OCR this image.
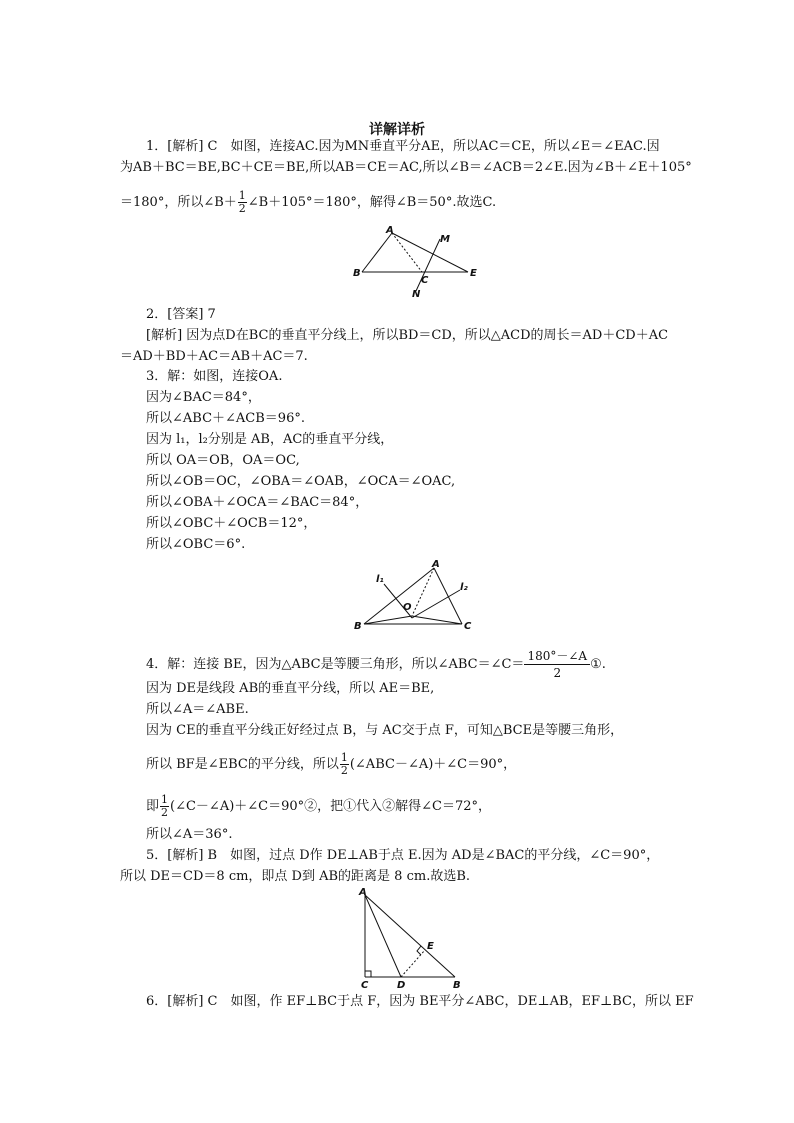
详解详析
1．[解析] C　如图，连接AC.因为MN垂直平分AE，所以AC＝CE，所以∠E＝∠EAC.因
为AB＋BC＝BE,BC＋CE＝BE,所以AB＝CE＝AC,所以∠B＝∠ACB＝2∠E.因为∠B＋∠E＋105°
＝180°，所以∠B＋ $\frac{1}{2}$ ∠B＋105°＝180°，解得∠B＝50°.故选C.
A
M
B
C
E
N
2．[答案] 7
[解析] 因为点D在BC的垂直平分线上，所以BD＝CD，所以△ACD的周长＝AD＋CD＋AC
＝AD＋BD＋AC＝AB＋AC＝7.
3．解：如图，连接OA.
因为∠BAC＝84°，
所以∠ABC＋∠ACB＝96°.
因为 l₁，l₂分别是 AB，AC的垂直平分线，
所以 OA＝OB，OA＝OC,
所以∠OB＝OC，∠OBA＝∠OAB，∠OCA＝∠OAC,
所以∠OBA＋∠OCA＝∠BAC＝84°，
所以∠OBC＋∠OCB＝12°，
所以∠OBC＝6°.
l₁
A
l₂
O
B	C
4．解：连接 BE，因为△ABC是等腰三角形，所以∠ABC＝∠C＝ $\frac{180^\circ-\angle A}{2}$ ①.
因为 DE是线段 AB的垂直平分线，所以 AE＝BE,
所以∠A＝∠ABE.
因为 CE的垂直平分线正好经过点 B，与 AC交于点 F，可知△BCE是等腰三角形，
所以 BF是∠EBC的平分线，所以 $\frac{1}{2}$ (∠ABC－∠A)＋∠C＝90°，
即 $\frac{1}{2}$ (∠C－∠A)＋∠C＝90°②，把①代入②解得∠C＝72°，
所以∠A＝36°.
5．[解析] B　如图，过点 D作 DE⊥AB于点 E.因为 AD是∠BAC的平分线，∠C＝90°，
所以 DE＝CD＝8 cm，即点 D到 AB的距离是 8 cm.故选B.
A
E
C	D	B
6．[解析] C　如图，作 EF⊥BC于点 F，因为 BE平分∠ABC，DE⊥AB，EF⊥BC，所以 EF
